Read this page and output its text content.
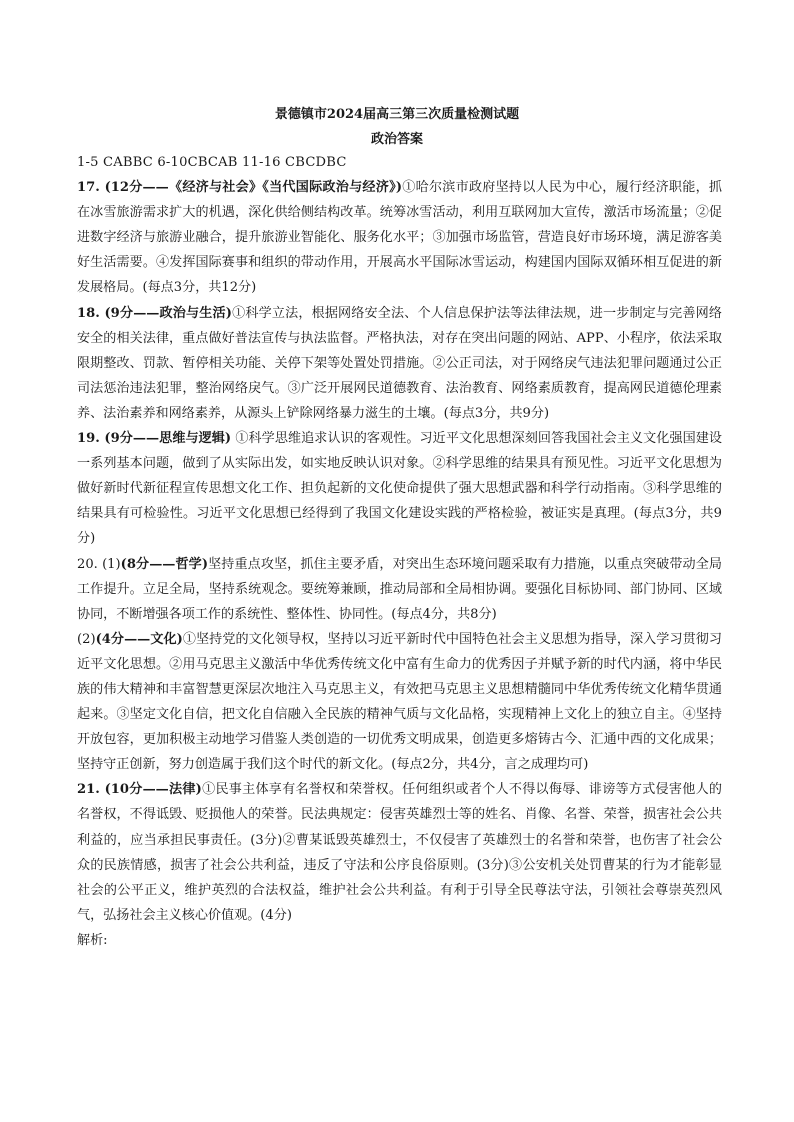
景德镇市2024届高三第三次质量检测试题
政治答案

1-5 CABBC 6-10CBCAB 11-16 CBCDBC

17. (12分——《经济与社会》《当代国际政治与经济》)①哈尔滨市政府坚持以人民为中心，履行经济职能，抓在冰雪旅游需求扩大的机遇，深化供给侧结构改革。统筹冰雪活动，利用互联网加大宣传，激活市场流量；②促进数字经济与旅游业融合，提升旅游业智能化、服务化水平；③加强市场监管，营造良好市场环境，满足游客美好生活需要。④发挥国际赛事和组织的带动作用，开展高水平国际冰雪运动，构建国内国际双循环相互促进的新发展格局。(每点3分，共12分)

18. (9分——政治与生活)①科学立法，根据网络安全法、个人信息保护法等法律法规，进一步制定与完善网络安全的相关法律，重点做好普法宣传与执法监督。严格执法，对存在突出问题的网站、APP、小程序，依法采取限期整改、罚款、暂停相关功能、关停下架等处置处罚措施。②公正司法，对于网络戾气违法犯罪问题通过公正司法惩治违法犯罪，整治网络戾气。③广泛开展网民道德教育、法治教育、网络素质教育，提高网民道德伦理素养、法治素养和网络素养，从源头上铲除网络暴力滋生的土壤。(每点3分，共9分)

19. (9分——思维与逻辑) ①科学思维追求认识的客观性。习近平文化思想深刻回答我国社会主义文化强国建设一系列基本问题，做到了从实际出发，如实地反映认识对象。②科学思维的结果具有预见性。习近平文化思想为做好新时代新征程宣传思想文化工作、担负起新的文化使命提供了强大思想武器和科学行动指南。③科学思维的结果具有可检验性。习近平文化思想已经得到了我国文化建设实践的严格检验，被证实是真理。(每点3分，共9分)

20. (1)(8分——哲学)坚持重点攻坚，抓住主要矛盾，对突出生态环境问题采取有力措施，以重点突破带动全局工作提升。立足全局，坚持系统观念。要统筹兼顾，推动局部和全局相协调。要强化目标协同、部门协同、区域协同，不断增强各项工作的系统性、整体性、协同性。(每点4分，共8分)

(2)(4分——文化)①坚持党的文化领导权，坚持以习近平新时代中国特色社会主义思想为指导，深入学习贯彻习近平文化思想。②用马克思主义激活中华优秀传统文化中富有生命力的优秀因子并赋予新的时代内涵，将中华民族的伟大精神和丰富智慧更深层次地注入马克思主义，有效把马克思主义思想精髓同中华优秀传统文化精华贯通起来。③坚定文化自信，把文化自信融入全民族的精神气质与文化品格，实现精神上文化上的独立自主。④坚持开放包容，更加积极主动地学习借鉴人类创造的一切优秀文明成果，创造更多熔铸古今、汇通中西的文化成果；坚持守正创新，努力创造属于我们这个时代的新文化。(每点2分，共4分，言之成理均可)

21. (10分——法律)①民事主体享有名誉权和荣誉权。任何组织或者个人不得以侮辱、诽谤等方式侵害他人的名誉权，不得诋毁、贬损他人的荣誉。民法典规定：侵害英雄烈士等的姓名、肖像、名誉、荣誉，损害社会公共利益的，应当承担民事责任。(3分)②曹某诋毁英雄烈士，不仅侵害了英雄烈士的名誉和荣誉，也伤害了社会公众的民族情感，损害了社会公共利益，违反了守法和公序良俗原则。(3分)③公安机关处罚曹某的行为才能彰显社会的公平正义，维护英烈的合法权益，维护社会公共利益。有利于引导全民尊法守法，引领社会尊崇英烈风气，弘扬社会主义核心价值观。(4分)

解析:
